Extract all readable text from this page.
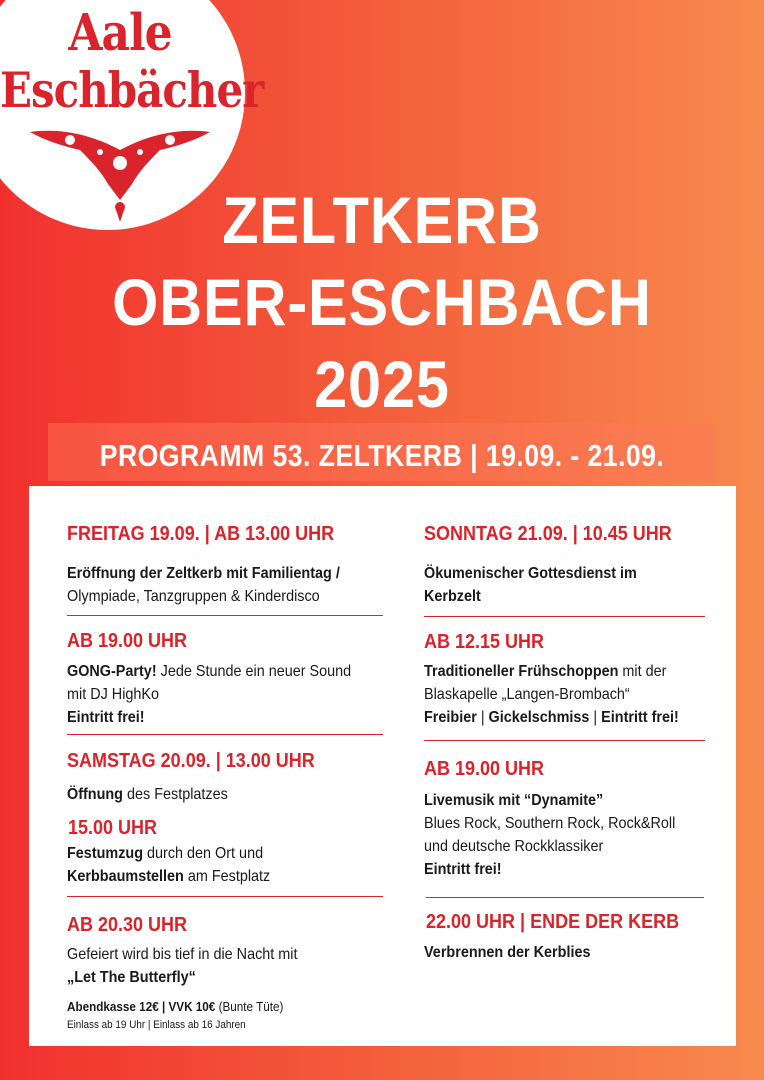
Aale
Eschbächer
ZELTKERB
OBER-ESCHBACH
2025
PROGRAMM 53. ZELTKERB | 19.09. - 21.09.
FREITAG 19.09. | AB 13.00 UHR
Eröffnung der Zeltkerb mit Familientag /
Olympiade, Tanzgruppen & Kinderdisco
AB 19.00 UHR
GONG-Party! Jede Stunde ein neuer Sound
mit DJ HighKo
Eintritt frei!
SAMSTAG 20.09. | 13.00 UHR
Öffnung des Festplatzes
15.00 UHR
Festumzug durch den Ort und
Kerbbaumstellen am Festplatz
AB 20.30 UHR
Gefeiert wird bis tief in die Nacht mit
„Let The Butterfly“
Abendkasse 12€ | VVK 10€ (Bunte Tüte)
Einlass ab 19 Uhr | Einlass ab 16 Jahren
SONNTAG 21.09. | 10.45 UHR
Ökumenischer Gottesdienst im
Kerbzelt
AB 12.15 UHR
Traditioneller Frühschoppen mit der
Blaskapelle „Langen-Brombach“
Freibier | Gickelschmiss | Eintritt frei!
AB 19.00 UHR
Livemusik mit “Dynamite”
Blues Rock, Southern Rock, Rock&Roll
und deutsche Rockklassiker
Eintritt frei!
22.00 UHR | ENDE DER KERB
Verbrennen der Kerblies
